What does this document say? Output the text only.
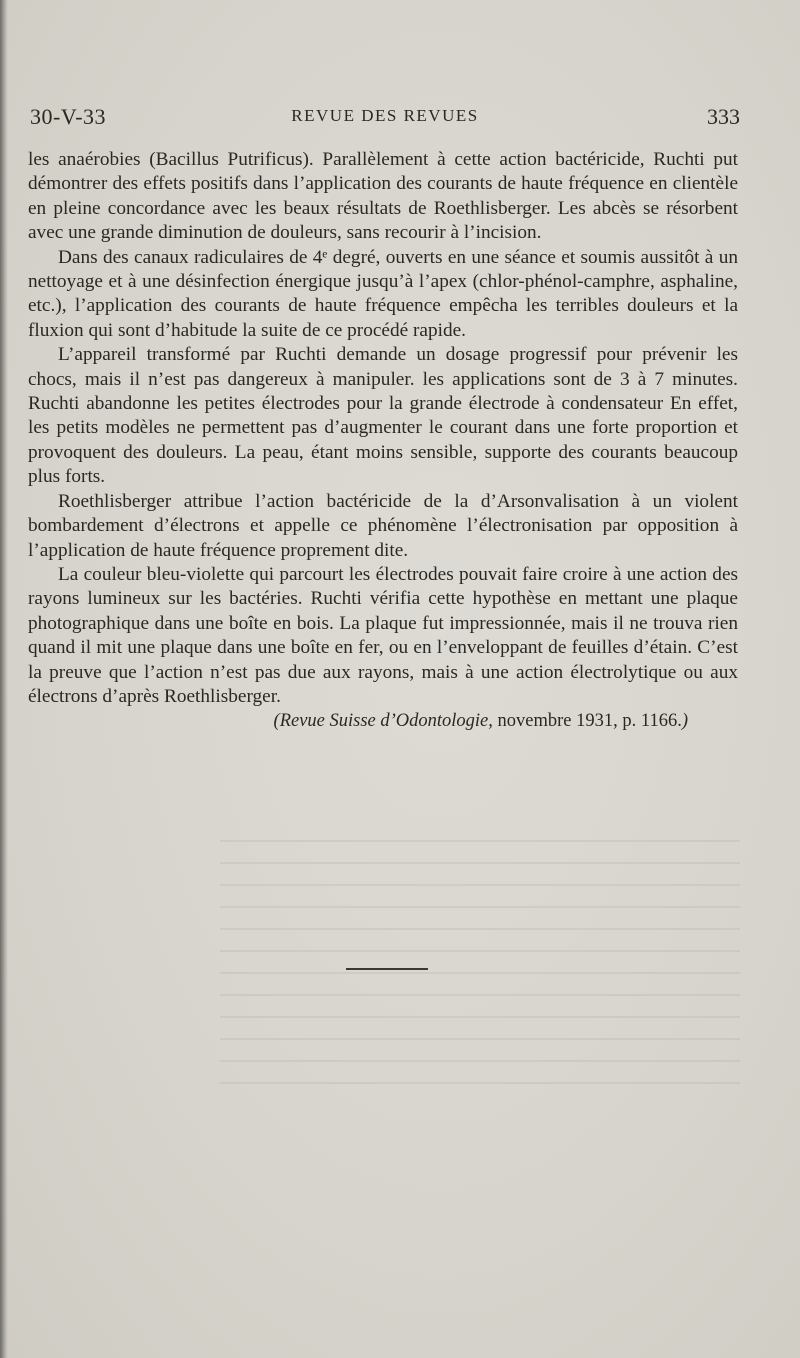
30-V-33	REVUE DES REVUES	333

les anaérobies (Bacillus Putrificus). Parallèlement à cette action bactéricide, Ruchti put démontrer des effets positifs dans l’application des courants de haute fréquence en clientèle en pleine concordance avec les beaux résultats de Roethlisberger. Les abcès se résorbent avec une grande diminution de douleurs, sans recourir à l’incision.

Dans des canaux radiculaires de 4ᵉ degré, ouverts en une séance et soumis aussitôt à un nettoyage et à une désinfection énergique jusqu’à l’apex (chlor-phénol-camphre, asphaline, etc.), l’application des courants de haute fréquence empêcha les terribles douleurs et la fluxion qui sont d’habitude la suite de ce procédé rapide.

L’appareil transformé par Ruchti demande un dosage progressif pour prévenir les chocs, mais il n’est pas dangereux à manipuler. les applications sont de 3 à 7 minutes. Ruchti abandonne les petites électrodes pour la grande électrode à condensateur En effet, les petits modèles ne permettent pas d’augmenter le courant dans une forte proportion et provoquent des douleurs. La peau, étant moins sensible, supporte des courants beaucoup plus forts.

Roethlisberger attribue l’action bactéricide de la d’Arsonvalisation à un violent bombardement d’électrons et appelle ce phénomène l’électronisation par opposition à l’application de haute fréquence proprement dite.

La couleur bleu-violette qui parcourt les électrodes pouvait faire croire à une action des rayons lumineux sur les bactéries. Ruchti vérifia cette hypothèse en mettant une plaque photographique dans une boîte en bois. La plaque fut impressionnée, mais il ne trouva rien quand il mit une plaque dans une boîte en fer, ou en l’enveloppant de feuilles d’étain. C’est la preuve que l’action n’est pas due aux rayons, mais à une action électrolytique ou aux électrons d’après Roethlisberger.

(Revue Suisse d’Odontologie, novembre 1931, p. 1166.)
